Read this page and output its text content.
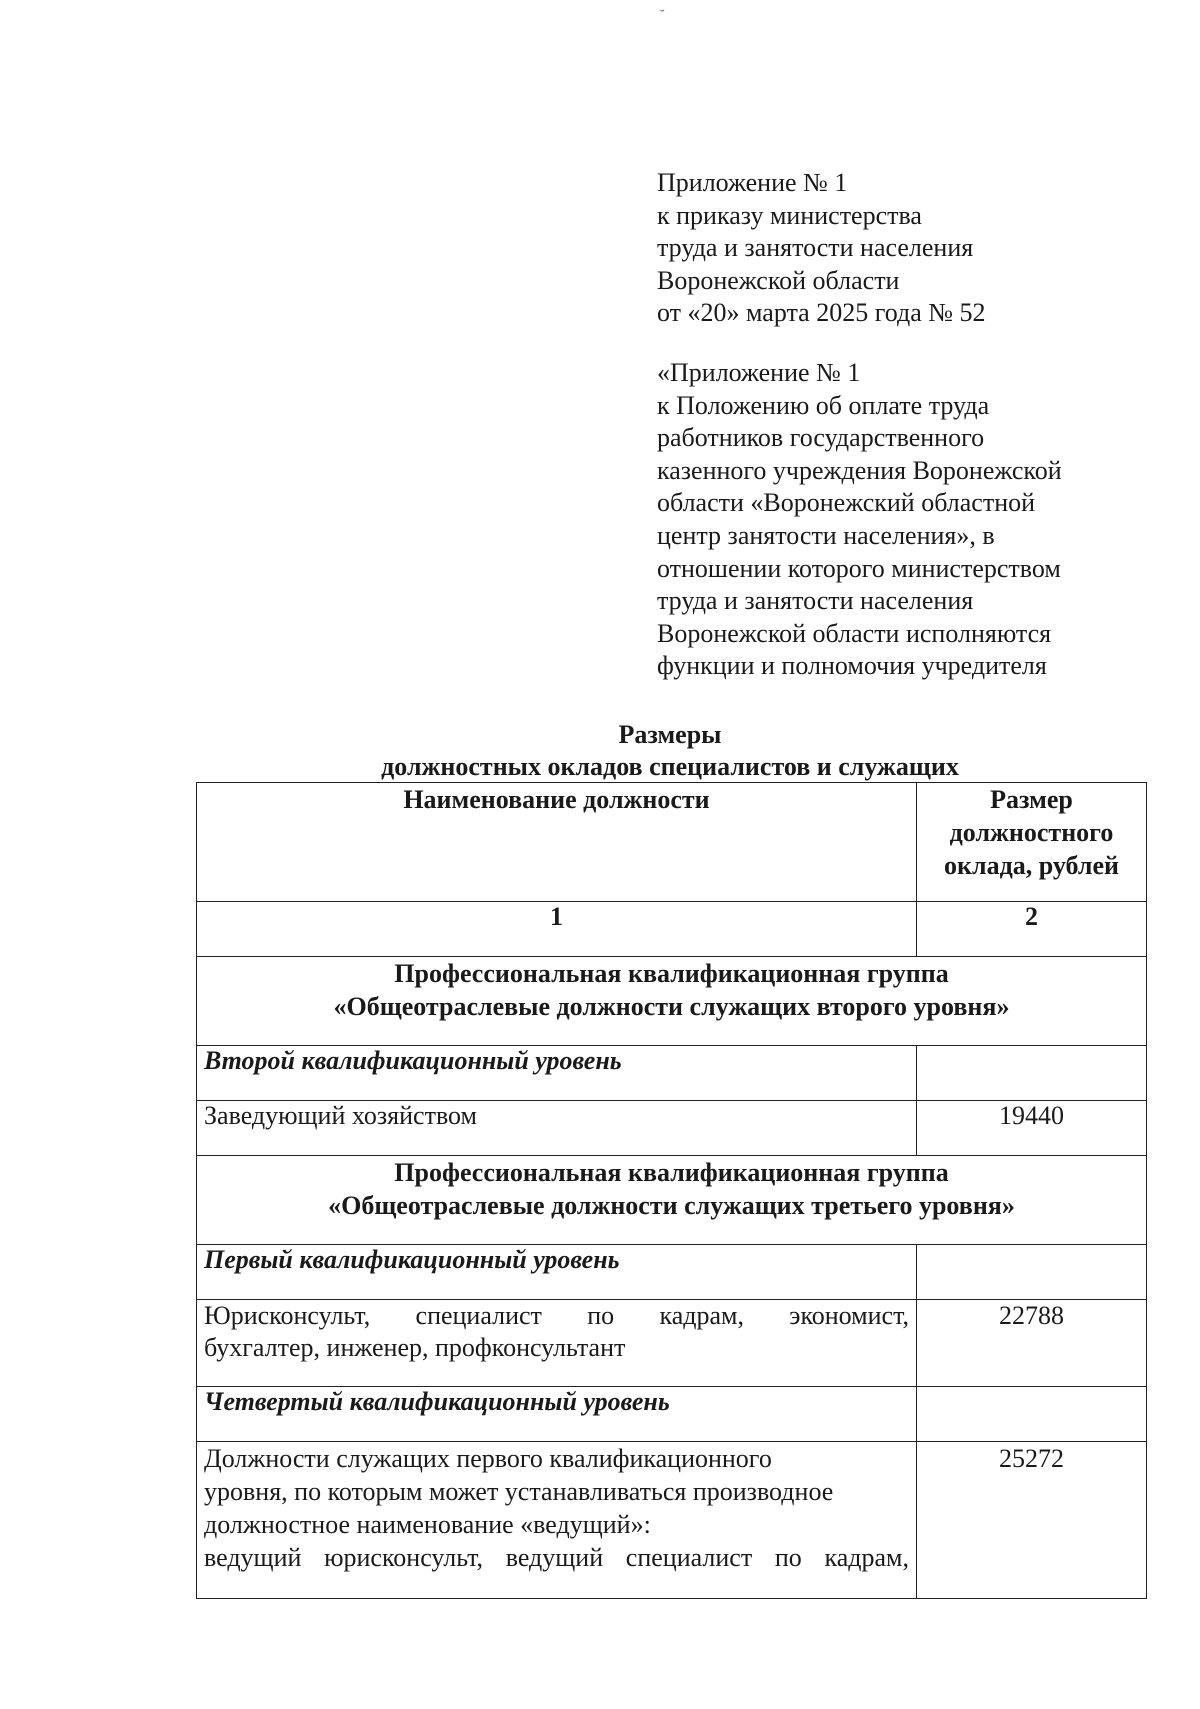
˘
Приложение № 1
к приказу министерства
труда и занятости населения
Воронежской области
от «20» марта 2025 года № 52
«Приложение № 1
к Положению об оплате труда
работников государственного
казенного учреждения Воронежской
области «Воронежский областной
центр занятости населения», в
отношении которого министерством
труда и занятости населения
Воронежской области исполняются
функции и полномочия учредителя
Размеры
должностных окладов специалистов и служащих
Наименование должности	Размер
должностного
оклада, рублей

1	2

Профессиональная квалификационная группа
«Общеотраслевые должности служащих второго уровня»	

Второй квалификационный уровень	
Заведующий хозяйством	19440

Профессиональная квалификационная группа
«Общеотраслевые должности служащих третьего уровня»	

Первый квалификационный уровень	

Юрисконсульт, специалист по кадрам, экономист,
бухгалтер, инженер, профконсультант	22788
Четвертый квалификационный уровень	

Должности служащих первого квалификационного
уровня, по которым может устанавливаться производное
должностное наименование «ведущий»:
ведущий юрисконсульт, ведущий специалист по кадрам,	25272
